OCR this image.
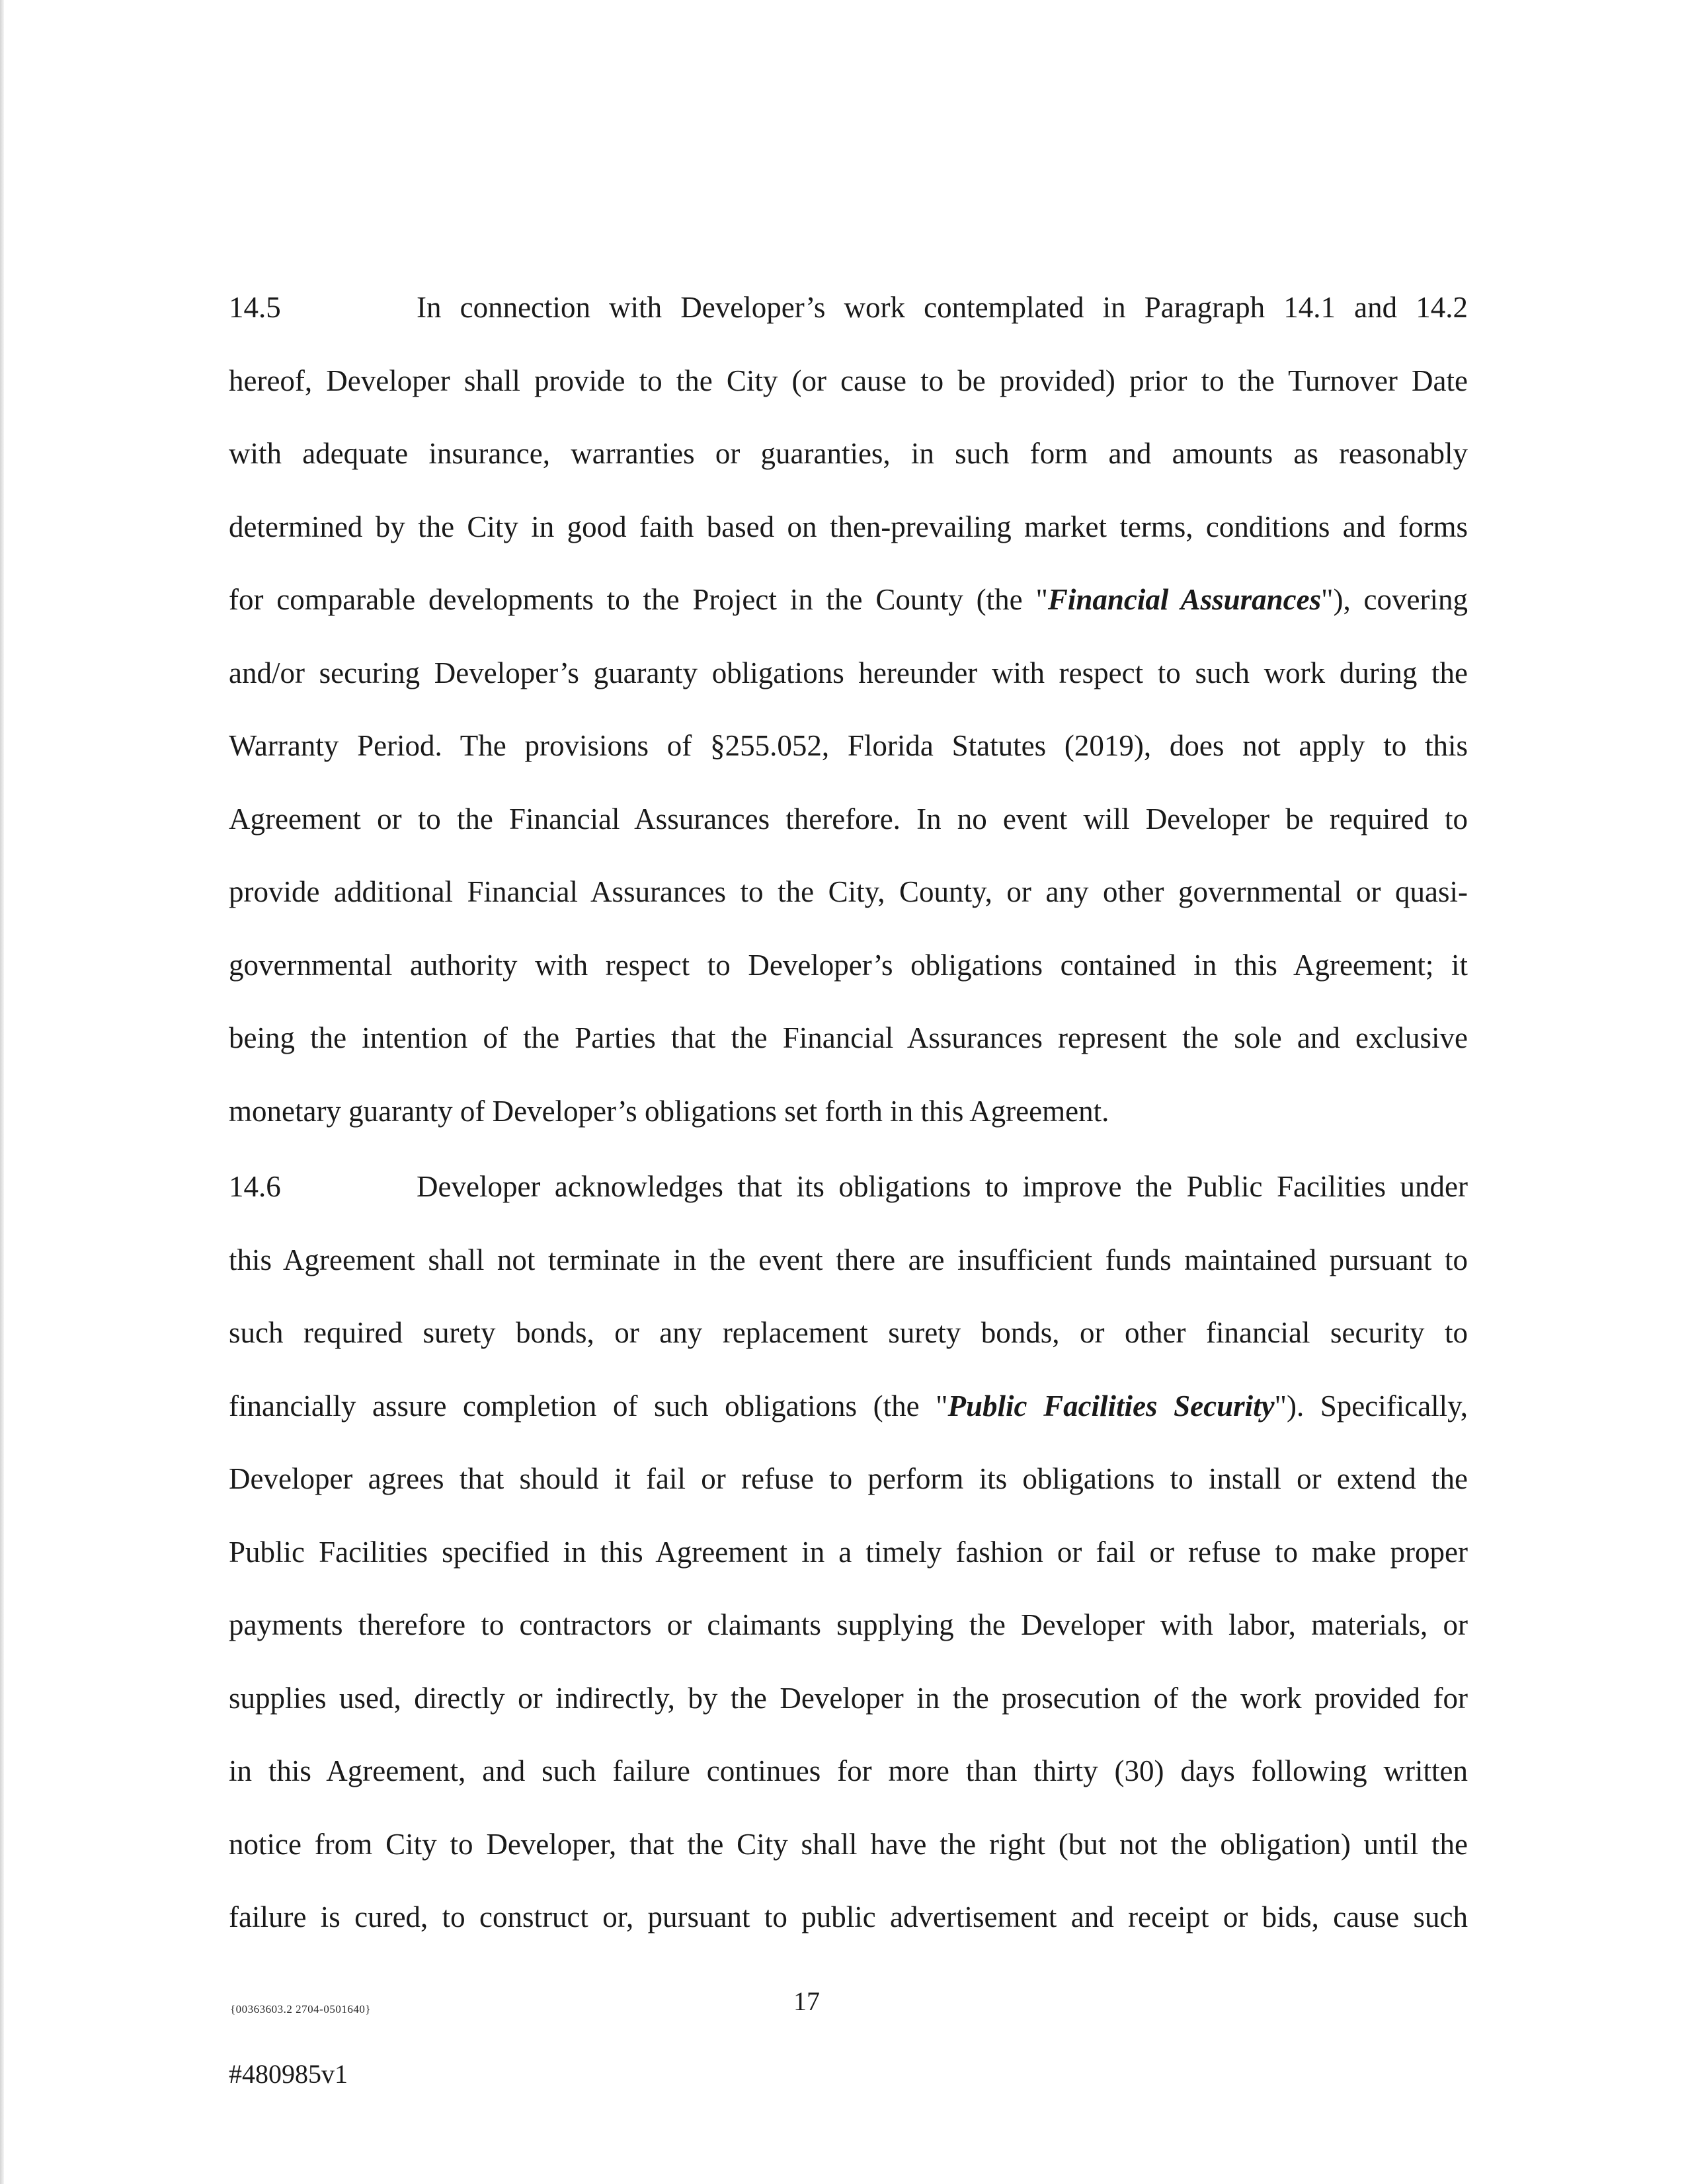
14.5	In connection with Developer’s work contemplated in Paragraph 14.1 and 14.2
hereof, Developer shall provide to the City (or cause to be provided) prior to the Turnover Date
with adequate insurance, warranties or guaranties, in such form and amounts as reasonably
determined by the City in good faith based on then-prevailing market terms, conditions and forms
for comparable developments to the Project in the County (the "Financial Assurances"), covering
and/or securing Developer’s guaranty obligations hereunder with respect to such work during the
Warranty Period. The provisions of §255.052, Florida Statutes (2019), does not apply to this
Agreement or to the Financial Assurances therefore. In no event will Developer be required to
provide additional Financial Assurances to the City, County, or any other governmental or quasi-
governmental authority with respect to Developer’s obligations contained in this Agreement; it
being the intention of the Parties that the Financial Assurances represent the sole and exclusive
monetary guaranty of Developer’s obligations set forth in this Agreement.
14.6	Developer acknowledges that its obligations to improve the Public Facilities under
this Agreement shall not terminate in the event there are insufficient funds maintained pursuant to
such required surety bonds, or any replacement surety bonds, or other financial security to
financially assure completion of such obligations (the "Public Facilities Security"). Specifically,
Developer agrees that should it fail or refuse to perform its obligations to install or extend the
Public Facilities specified in this Agreement in a timely fashion or fail or refuse to make proper
payments therefore to contractors or claimants supplying the Developer with labor, materials, or
supplies used, directly or indirectly, by the Developer in the prosecution of the work provided for
in this Agreement, and such failure continues for more than thirty (30) days following written
notice from City to Developer, that the City shall have the right (but not the obligation) until the
failure is cured, to construct or, pursuant to public advertisement and receipt or bids, cause such
{00363603.2 2704-0501640}	17
#480985v1
